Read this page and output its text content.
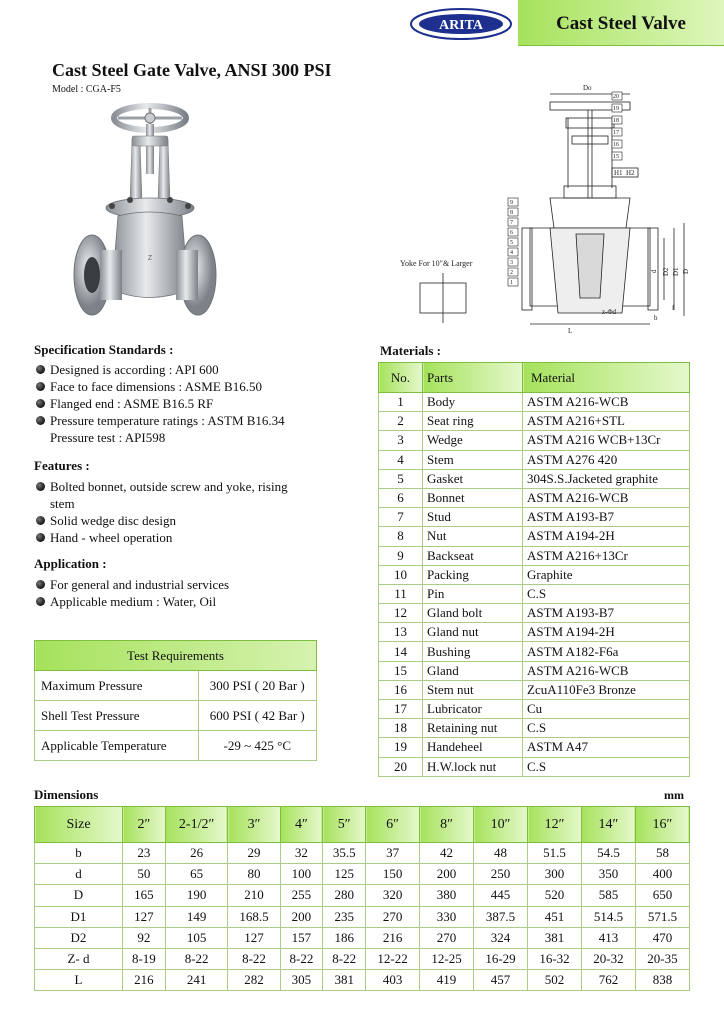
ARITA	Cast Steel Valve
Cast Steel Gate Valve, ANSI 300 PSI
Model : CGA-F5
Z
Do
L
z-Φd
b
f
d D2 D1 D
H1 H2
Yoke For 10″& Larger
20
19
18
17
16
15
9
8
7
6
5
4
3
2
1
Specification Standards :
Designed is according : API 600
Face to face dimensions : ASME B16.50
Flanged end : ASME B16.5 RF
Pressure temperature ratings : ASTM B16.34
Pressure test : API598
Features :
Bolted bonnet, outside screw and yoke, rising
stem
Solid wedge disc design
Hand - wheel operation
Application :
For general and industrial services
Applicable medium : Water, Oil
Test Requirements	
Maximum Pressure	300 PSI ( 20 Bar )
Shell Test Pressure	600 PSI ( 42 Bar )
Applicable Temperature	-29 ~ 425 °C
Materials :
No.	Parts	Material
1	Body	ASTM A216-WCB
2	Seat ring	ASTM A216+STL
3	Wedge	ASTM A216 WCB+13Cr
4	Stem	ASTM A276 420
5	Gasket	304S.S.Jacketed graphite
6	Bonnet	ASTM A216-WCB
7	Stud	ASTM A193-B7
8	Nut	ASTM A194-2H
9	Backseat	ASTM A216+13Cr
10	Packing	Graphite
11	Pin	C.S
12	Gland bolt	ASTM A193-B7
13	Gland nut	ASTM A194-2H
14	Bushing	ASTM A182-F6a
15	Gland	ASTM A216-WCB
16	Stem nut	ZcuA110Fe3 Bronze
17	Lubricator	Cu
18	Retaining nut	C.S
19	Handeheel	ASTM A47
20	H.W.lock nut	C.S
Dimensions	mm
Size	2″	2-1/2″	3″	4″	5″	6″	8″	10″	12″	14″	16″
b	23	26	29	32	35.5	37	42	48	51.5	54.5	58
d	50	65	80	100	125	150	200	250	300	350	400
D	165	190	210	255	280	320	380	445	520	585	650
D1	127	149	168.5	200	235	270	330	387.5	451	514.5	571.5
D2	92	105	127	157	186	216	270	324	381	413	470
Z- d	8-19	8-22	8-22	8-22	8-22	12-22	12-25	16-29	16-32	20-32	20-35
L	216	241	282	305	381	403	419	457	502	762	838
